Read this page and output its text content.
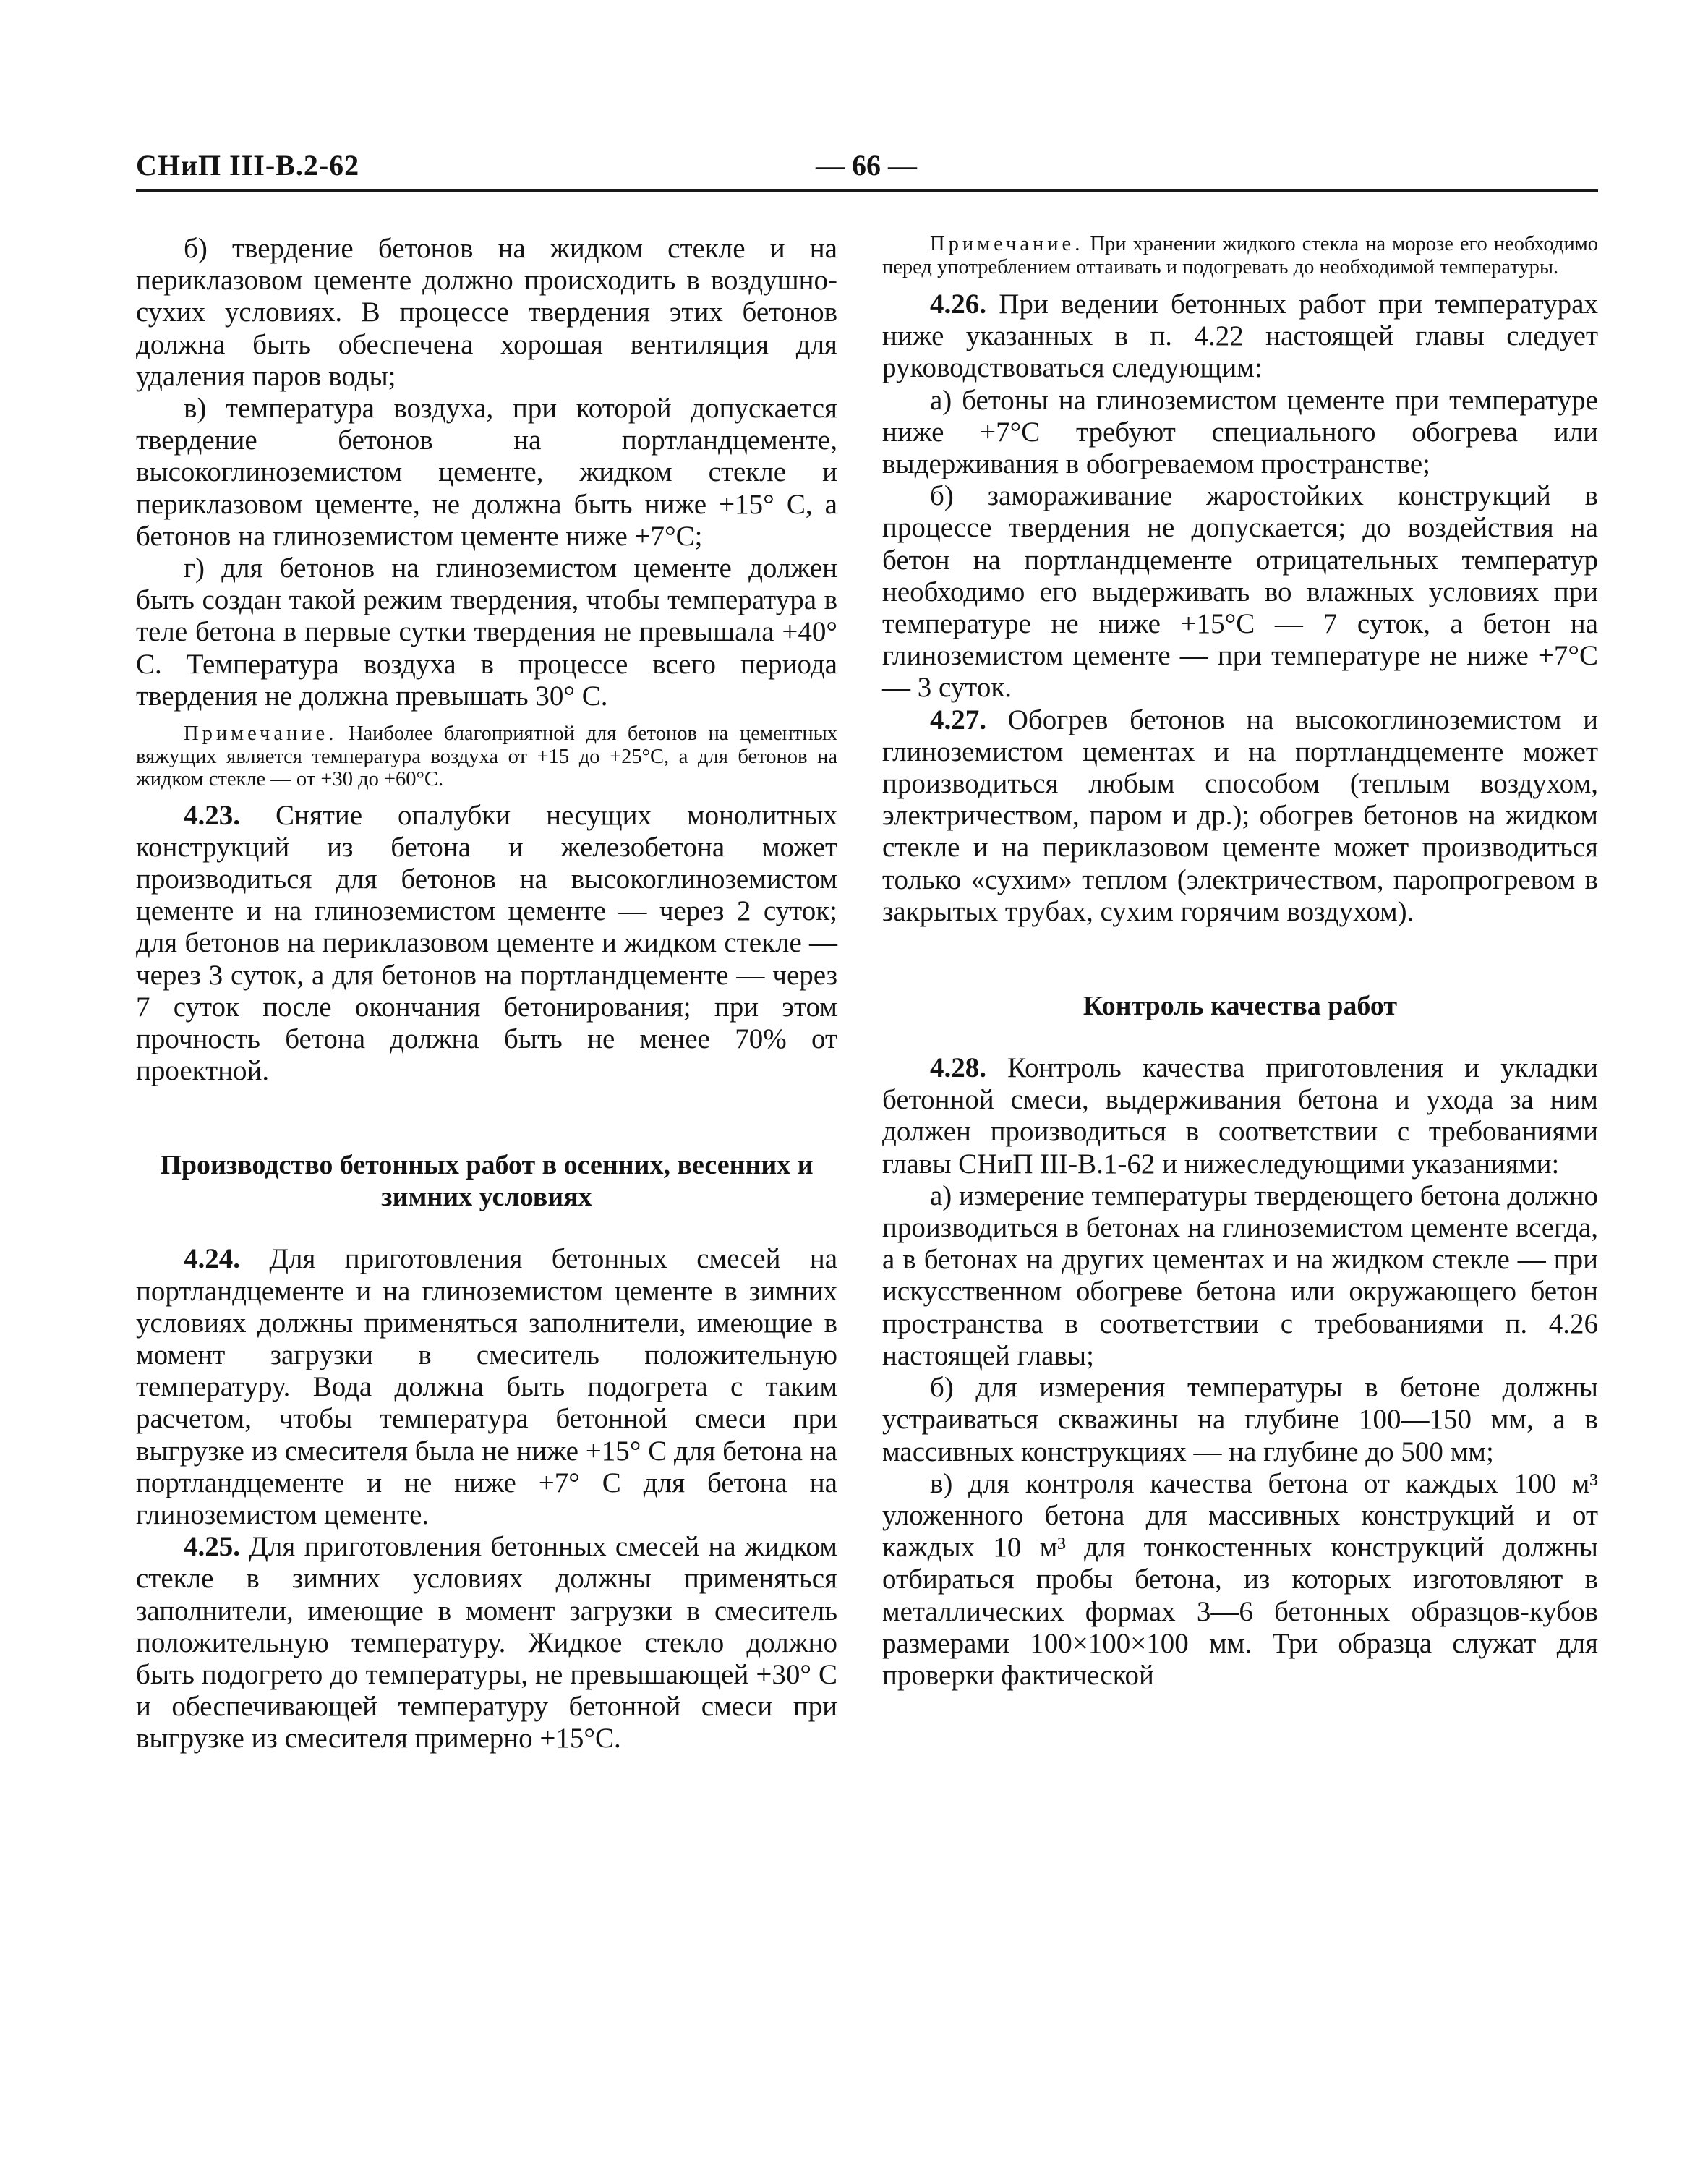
СНиП III-В.2-62	— 66 —

б) твердение бетонов на жидком стекле и на периклазовом цементе должно происходить в воздушно-сухих условиях. В процессе твердения этих бетонов должна быть обеспечена хорошая вентиляция для удаления паров воды;

в) температура воздуха, при которой допускается твердение бетонов на портландцементе, высокоглиноземистом цементе, жидком стекле и периклазовом цементе, не должна быть ниже +15° С, а бетонов на глиноземистом цементе ниже +7°С;

г) для бетонов на глиноземистом цементе должен быть создан такой режим твердения, чтобы температура в теле бетона в первые сутки твердения не превышала +40° С. Температура воздуха в процессе всего периода твердения не должна превышать 30° С.

Примечание. Наиболее благоприятной для бетонов на цементных вяжущих является температура воздуха от +15 до +25°С, а для бетонов на жидком стекле — от +30 до +60°С.

4.23. Снятие опалубки несущих монолитных конструкций из бетона и железобетона может производиться для бетонов на высокоглиноземистом цементе и на глиноземистом цементе — через 2 суток; для бетонов на периклазовом цементе и жидком стекле — через 3 суток, а для бетонов на портландцементе — через 7 суток после окончания бетонирования; при этом прочность бетона должна быть не менее 70% от проектной.

Производство бетонных работ в осенних, весенних и зимних условиях

4.24. Для приготовления бетонных смесей на портландцементе и на глиноземистом цементе в зимних условиях должны применяться заполнители, имеющие в момент загрузки в смеситель положительную температуру. Вода должна быть подогрета с таким расчетом, чтобы температура бетонной смеси при выгрузке из смесителя была не ниже +15° С для бетона на портландцементе и не ниже +7° С для бетона на глиноземистом цементе.

4.25. Для приготовления бетонных смесей на жидком стекле в зимних условиях должны применяться заполнители, имеющие в момент загрузки в смеситель положительную температуру. Жидкое стекло должно быть подогрето до температуры, не превышающей +30° С и обеспечивающей температуру бетонной смеси при выгрузке из смесителя примерно +15°С.

Примечание. При хранении жидкого стекла на морозе его необходимо перед употреблением оттаивать и подогревать до необходимой температуры.

4.26. При ведении бетонных работ при температурах ниже указанных в п. 4.22 настоящей главы следует руководствоваться следующим:

а) бетоны на глиноземистом цементе при температуре ниже +7°С требуют специального обогрева или выдерживания в обогреваемом пространстве;

б) замораживание жаростойких конструкций в процессе твердения не допускается; до воздействия на бетон на портландцементе отрицательных температур необходимо его выдерживать во влажных условиях при температуре не ниже +15°С — 7 суток, а бетон на глиноземистом цементе — при температуре не ниже +7°С — 3 суток.

4.27. Обогрев бетонов на высокоглиноземистом и глиноземистом цементах и на портландцементе может производиться любым способом (теплым воздухом, электричеством, паром и др.); обогрев бетонов на жидком стекле и на периклазовом цементе может производиться только «сухим» теплом (электричеством, паропрогревом в закрытых трубах, сухим горячим воздухом).

Контроль качества работ

4.28. Контроль качества приготовления и укладки бетонной смеси, выдерживания бетона и ухода за ним должен производиться в соответствии с требованиями главы СНиП III-В.1-62 и нижеследующими указаниями:

а) измерение температуры твердеющего бетона должно производиться в бетонах на глиноземистом цементе всегда, а в бетонах на других цементах и на жидком стекле — при искусственном обогреве бетона или окружающего бетон пространства в соответствии с требованиями п. 4.26 настоящей главы;

б) для измерения температуры в бетоне должны устраиваться скважины на глубине 100—150 мм, а в массивных конструкциях — на глубине до 500 мм;

в) для контроля качества бетона от каждых 100 м³ уложенного бетона для массивных конструкций и от каждых 10 м³ для тонкостенных конструкций должны отбираться пробы бетона, из которых изготовляют в металлических формах 3—6 бетонных образцов-кубов размерами 100×100×100 мм. Три образца служат для проверки фактической
